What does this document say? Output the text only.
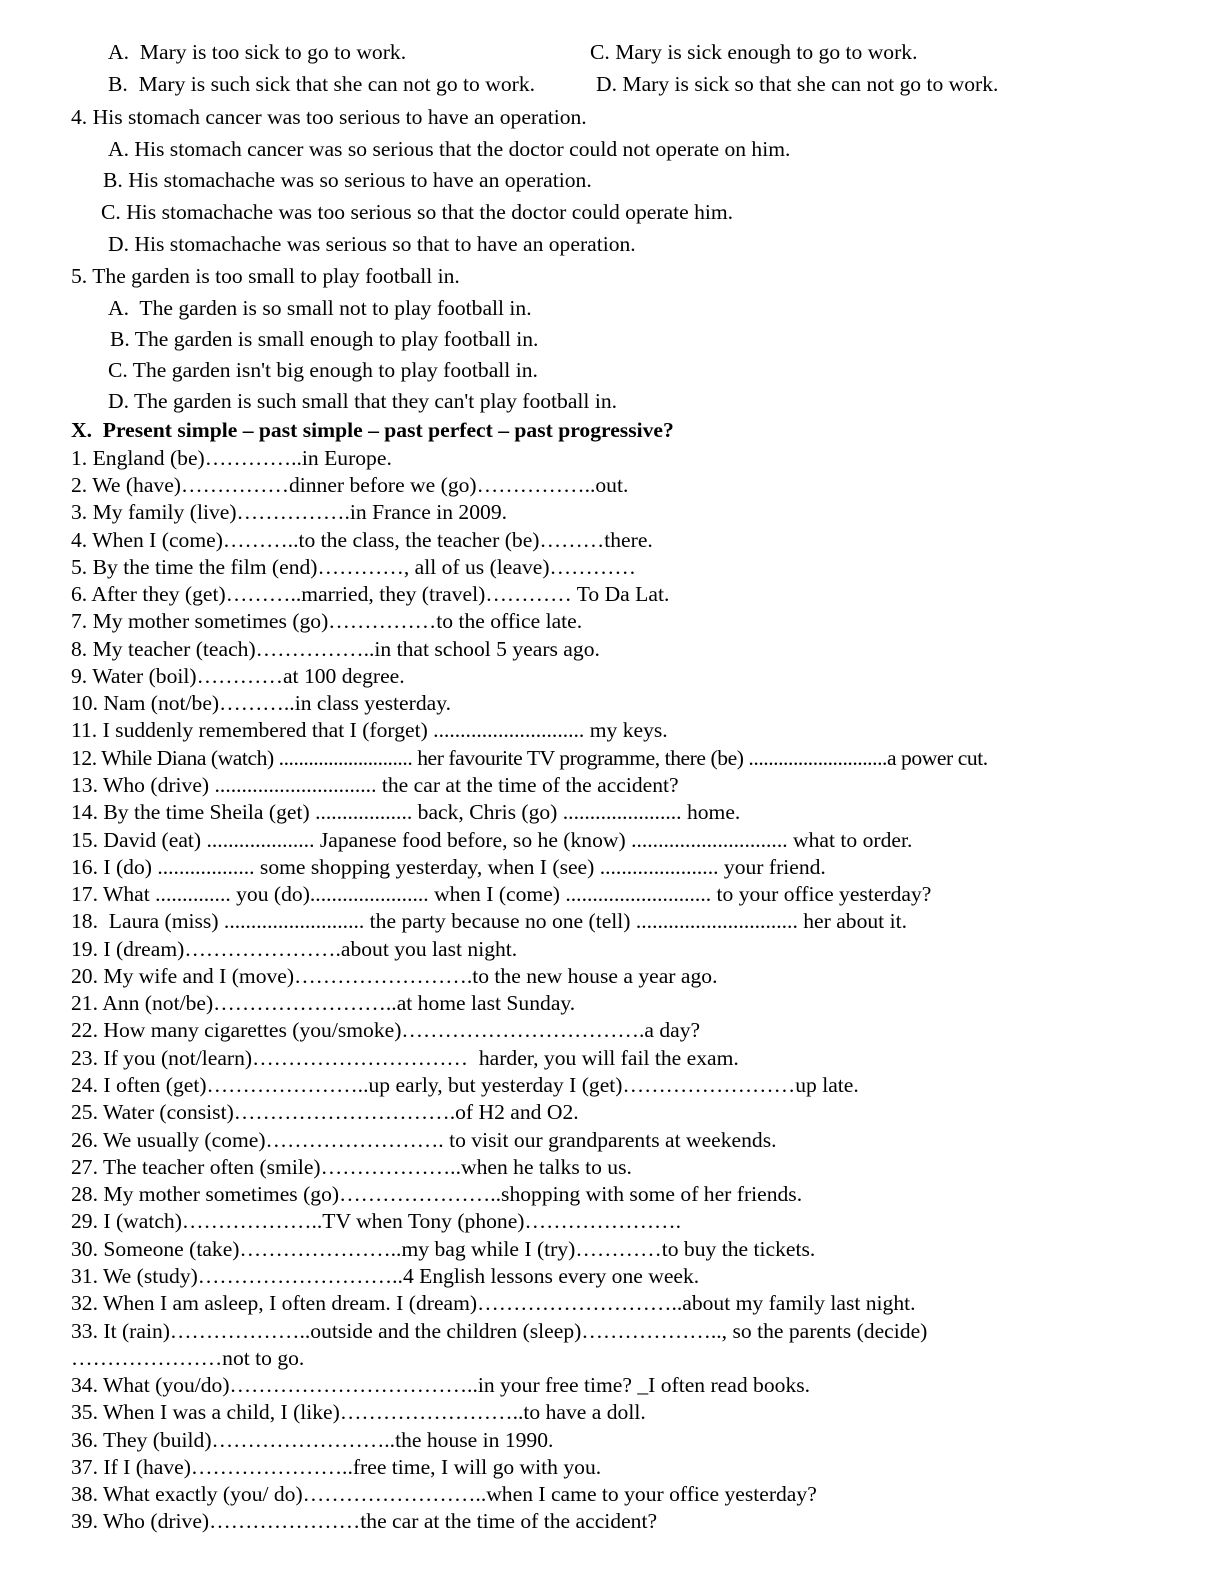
A.  Mary is too sick to go to work.	C. Mary is sick enough to go to work.
B.  Mary is such sick that she can not go to work.	D. Mary is sick so that she can not go to work.
4. His stomach cancer was too serious to have an operation.
A. His stomach cancer was so serious that the doctor could not operate on him.
B. His stomachache was so serious to have an operation.
C. His stomachache was too serious so that the doctor could operate him.
D. His stomachache was serious so that to have an operation.
5. The garden is too small to play football in.
A.  The garden is so small not to play football in.
B. The garden is small enough to play football in.
C. The garden isn't big enough to play football in.
D. The garden is such small that they can't play football in.
X.  Present simple – past simple – past perfect – past progressive?
1. England (be)…………..in Europe.
2. We (have)……………dinner before we (go)……………..out.
3. My family (live)…………….in France in 2009.
4. When I (come)………..to the class, the teacher (be)………there.
5. By the time the film (end)…………, all of us (leave)…………
6. After they (get)………..married, they (travel)………… To Da Lat.
7. My mother sometimes (go)……………to the office late.
8. My teacher (teach)……………..in that school 5 years ago.
9. Water (boil)…………at 100 degree.
10. Nam (not/be)………..in class yesterday.
11. I suddenly remembered that I (forget) ............................ my keys.
12. While Diana (watch) ........................... her favourite TV programme, there (be) ............................a power cut.
13. Who (drive) .............................. the car at the time of the accident?
14. By the time Sheila (get) .................. back, Chris (go) ...................... home.
15. David (eat) .................... Japanese food before, so he (know) ............................. what to order.
16. I (do) .................. some shopping yesterday, when I (see) ...................... your friend.
17. What .............. you (do)...................... when I (come) ........................... to your office yesterday?
18.  Laura (miss) .......................... the party because no one (tell) .............................. her about it.
19. I (dream)………………….about you last night.
20. My wife and I (move)…………………….to the new house a year ago.
21. Ann (not/be)……………………..at home last Sunday.
22. How many cigarettes (you/smoke)…………………………….a day?
23. If you (not/learn)…………………………  harder, you will fail the exam.
24. I often (get)…………………..up early, but yesterday I (get)……………………up late.
25. Water (consist)………………………….of H2 and O2.
26. We usually (come)……………………. to visit our grandparents at weekends.
27. The teacher often (smile)………………..when he talks to us.
28. My mother sometimes (go)…………………..shopping with some of her friends.
29. I (watch)………………..TV when Tony (phone)………………….
30. Someone (take)…………………..my bag while I (try)…………to buy the tickets.
31. We (study)………………………..4 English lessons every one week.
32. When I am asleep, I often dream. I (dream)………………………..about my family last night.
33. It (rain)………………..outside and the children (sleep)……………….., so the parents (decide)
…………………not to go.
34. What (you/do)……………………………..in your free time? _I often read books.
35. When I was a child, I (like)……………………..to have a doll.
36. They (build)……………………..the house in 1990.
37. If I (have)…………………..free time, I will go with you.
38. What exactly (you/ do)……………………..when I came to your office yesterday?
39. Who (drive)…………………the car at the time of the accident?
